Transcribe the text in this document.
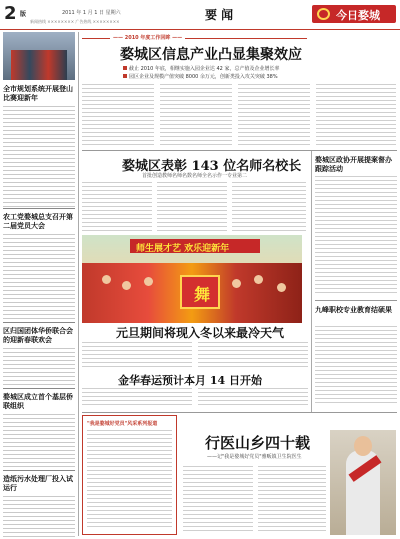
2 版	2011 年 1 月 1 日 星期六
新闻热线 ×××××××× 广告热线 ××××××××	要 闻	今日婺城
全市规划系统开展登山比赛迎新年
农工党婺城总支召开第二届党员大会
区归国团体华侨联合会的迎新春联欢会
婺城区成立首个基层侨联组织
造纸污水处理厂投入试运行
—— 2010 年度工作回眸 ——
婺城区信息产业凸显集聚效应
截止 2010 年底，相继实施入园企业达 42 家，总产值及企业增长率
园区企业及规模产值突破 8000 余万元，创新类投入攻关突破 38%
婺城区表彰 143 位名师名校长
首批创造教师名师名数名师全名示作一专业第二
师生展才艺 欢乐迎新年
舞
元旦期间将现入冬以来最冷天气
金华春运预计本月 14 日开始
婺城区政协开展提案督办跟踪活动
九峰职校专业教育结硕果
"我是婺城好党员"风采系列报道
行医山乡四十载
——记"我是婺城好党员"雅畈镇卫生院医生
